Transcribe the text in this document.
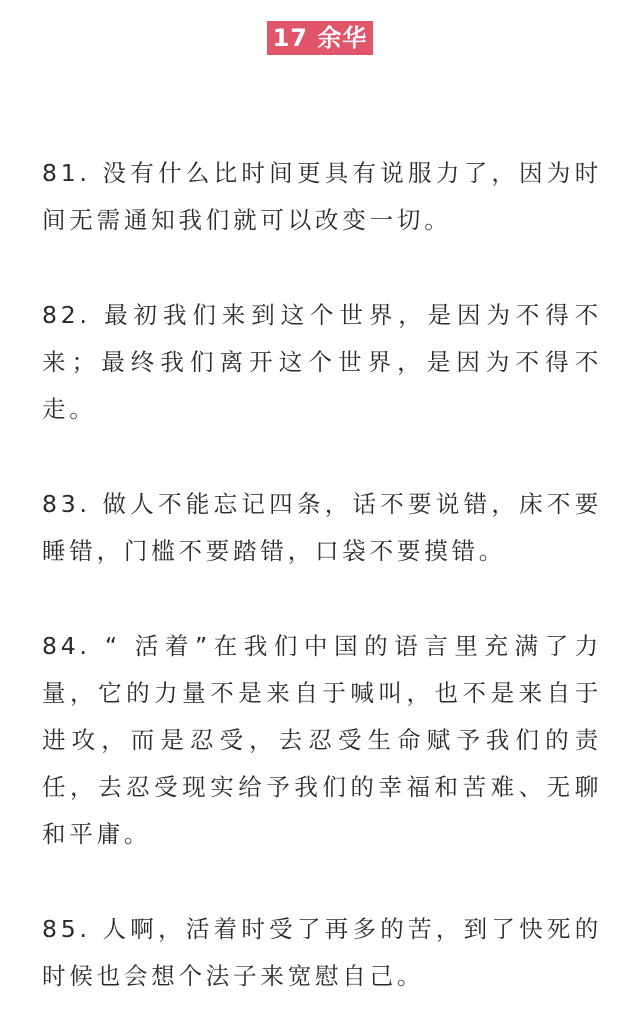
17 余华

81. 没有什么比时间更具有说服力了，因为时间无需通知我们就可以改变一切。

82. 最初我们来到这个世界，是因为不得不来；最终我们离开这个世界，是因为不得不走。

83. 做人不能忘记四条，话不要说错，床不要睡错，门槛不要踏错，口袋不要摸错。

84. “ 活着”在我们中国的语言里充满了力量，它的力量不是来自于喊叫，也不是来自于进攻，而是忍受，去忍受生命赋予我们的责任，去忍受现实给予我们的幸福和苦难、无聊和平庸。

85. 人啊，活着时受了再多的苦，到了快死的时候也会想个法子来宽慰自己。
